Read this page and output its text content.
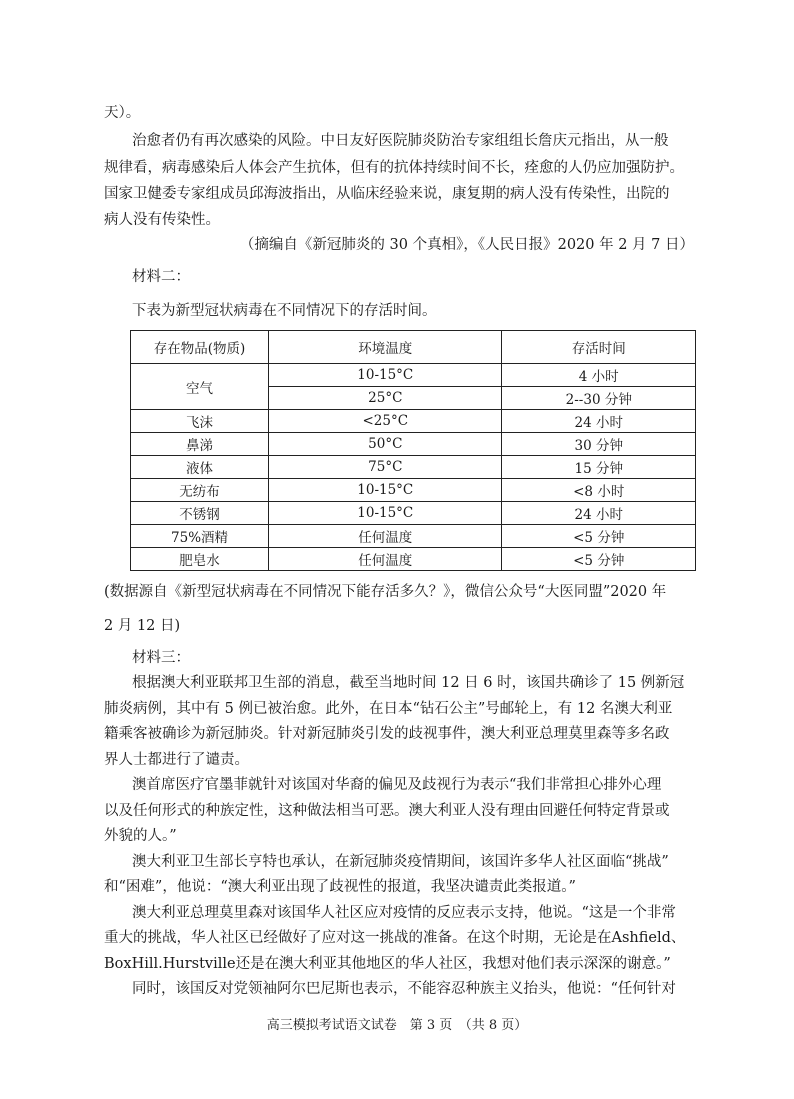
天）。
治愈者仍有再次感染的风险。中日友好医院肺炎防治专家组组长詹庆元指出，从一般
规律看，病毒感染后人体会产生抗体，但有的抗体持续时间不长，痊愈的人仍应加强防护。
国家卫健委专家组成员邱海波指出，从临床经验来说，康复期的病人没有传染性，出院的
病人没有传染性。
（摘编自《新冠肺炎的 30 个真相》，《人民日报》2020 年 2 月 7 日）
材料二：
下表为新型冠状病毒在不同情况下的存活时间。
存在物品(物质)	环境温度	存活时间
空气	10-15°C	4 小时
	25°C	2--30 分钟
飞沫	<25°C	24 小时
鼻涕	50°C	30 分钟
液体	75°C	15 分钟
无纺布	10-15°C	<8 小时
不锈钢	10-15°C	24 小时
75%酒精	任何温度	<5 分钟
肥皂水	任何温度	<5 分钟
(数据源自《新型冠状病毒在不同情况下能存活多久？》，微信公众号“大医同盟”2020 年
2 月 12 日)
材料三：
根据澳大利亚联邦卫生部的消息，截至当地时间 12 日 6 时，该国共确诊了 15 例新冠
肺炎病例，其中有 5 例已被治愈。此外，在日本“钻石公主”号邮轮上，有 12 名澳大利亚
籍乘客被确诊为新冠肺炎。针对新冠肺炎引发的歧视事件，澳大利亚总理莫里森等多名政
界人士都进行了谴责。
澳首席医疗官墨菲就针对该国对华裔的偏见及歧视行为表示“我们非常担心排外心理
以及任何形式的种族定性，这种做法相当可恶。澳大利亚人没有理由回避任何特定背景或
外貌的人。”
澳大利亚卫生部长亨特也承认，在新冠肺炎疫情期间，该国许多华人社区面临“挑战”
和“困难”，他说：“澳大利亚出现了歧视性的报道，我坚决谴责此类报道。”
澳大利亚总理莫里森对该国华人社区应对疫情的反应表示支持，他说。“这是一个非常
重大的挑战，华人社区已经做好了应对这一挑战的准备。在这个时期，无论是在Ashfield、
BoxHill.Hurstville还是在澳大利亚其他地区的华人社区，我想对他们表示深深的谢意。”
同时，该国反对党领袖阿尔巴尼斯也表示，不能容忍种族主义抬头，他说：“任何针对
高三模拟考试语文试卷　第 3 页　（共 8 页）
